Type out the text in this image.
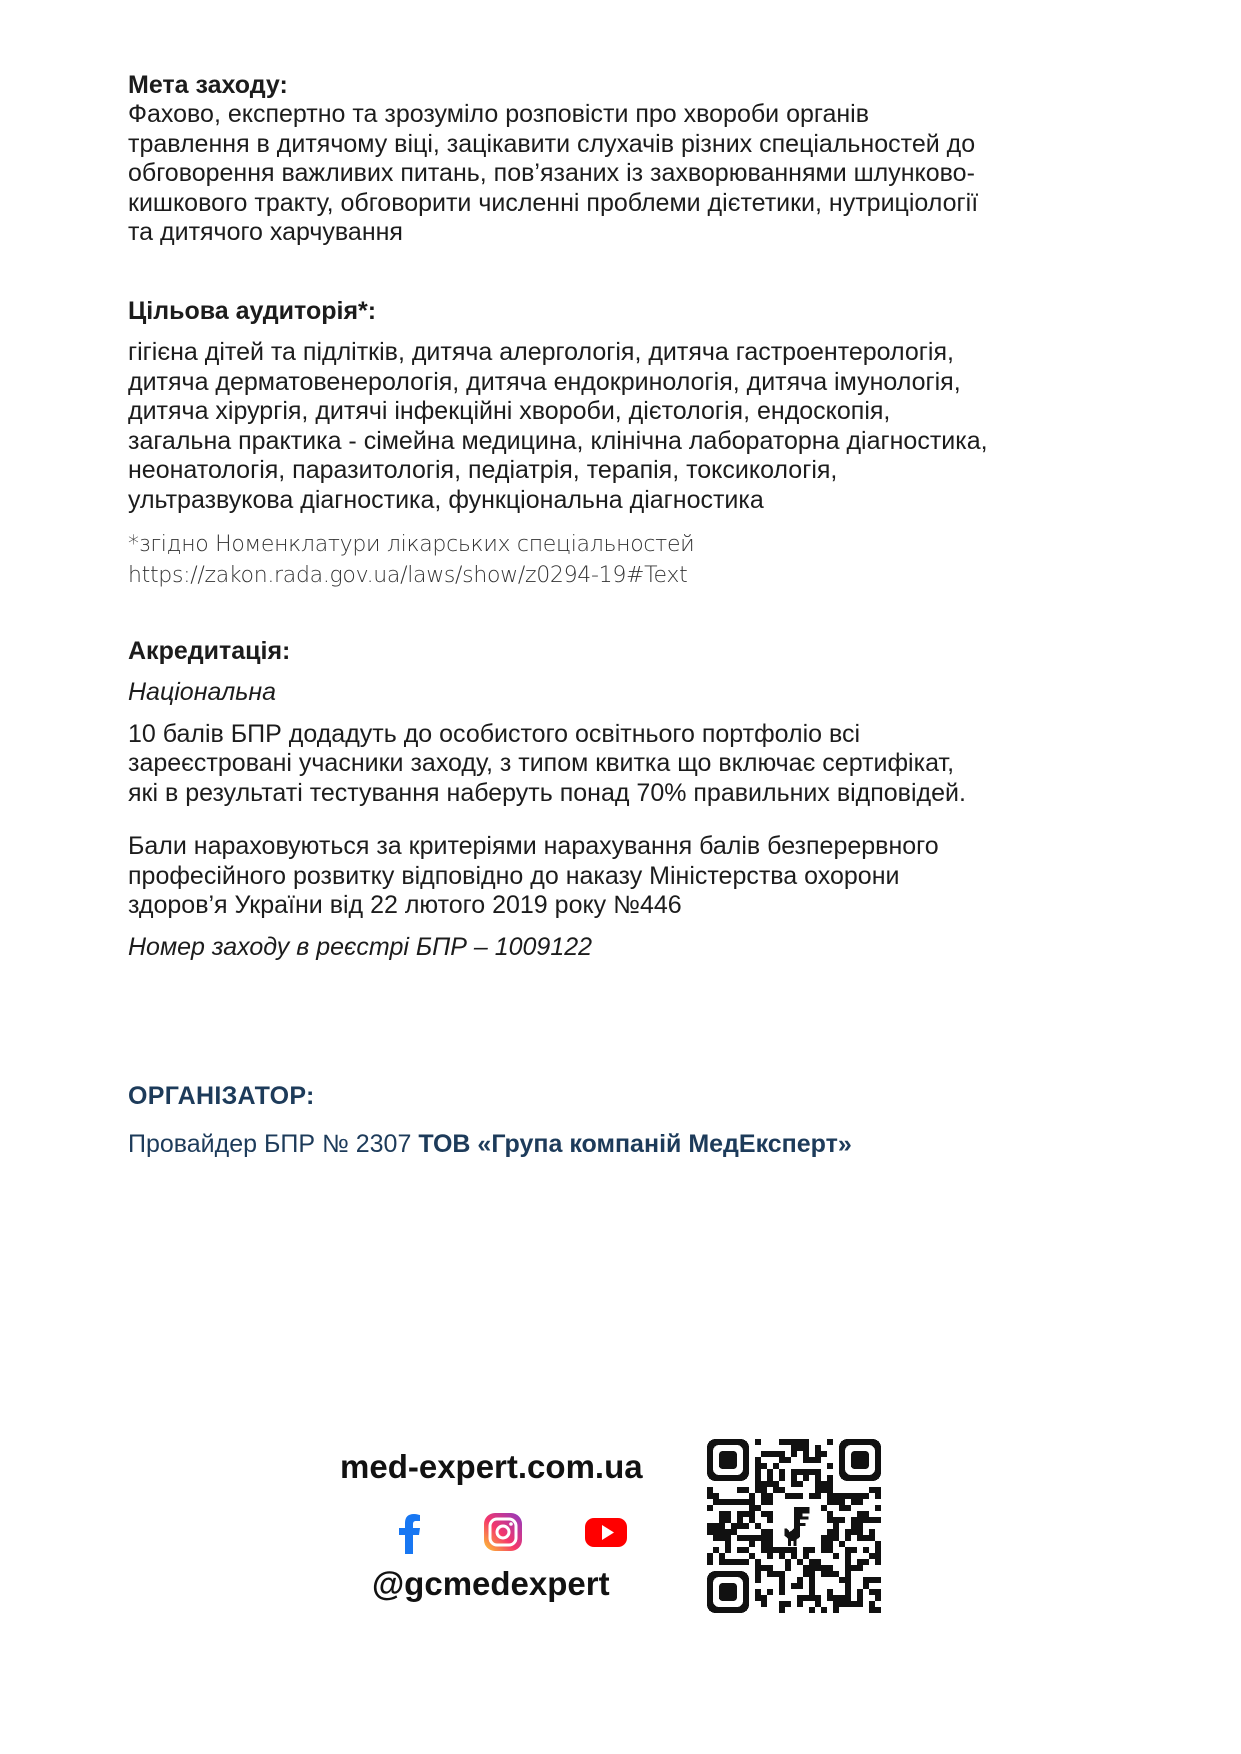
Мета заходу:

Фахово, експертно та зрозуміло розповісти про хвороби органів

травлення в дитячому віці, зацікавити слухачів різних спеціальностей до

обговорення важливих питань, пов’язаних із захворюваннями шлунково-

кишкового тракту, обговорити численні проблеми дієтетики, нутриціології

та дитячого харчування

Цільова аудиторія*:

гігієна дітей та підлітків, дитяча алергологія, дитяча гастроентерологія,

дитяча дерматовенерологія, дитяча ендокринологія, дитяча імунологія,

дитяча хірургія, дитячі інфекційні хвороби, дієтологія, ендоскопія,

загальна практика - сімейна медицина, клінічна лабораторна діагностика,

неонатологія, паразитологія, педіатрія, терапія, токсикологія,

ультразвукова діагностика, функціональна діагностика

*згідно Номенклатури лікарських спеціальностей

https://zakon.rada.gov.ua/laws/show/z0294-19#Text

Акредитація:

Національна

10 балів БПР додадуть до особистого освітнього портфоліо всі

зареєстровані учасники заходу, з типом квитка що включає сертифікат,

які в результаті тестування наберуть понад 70% правильних відповідей.

Бали нараховуються за критеріями нарахування балів безперервного

професійного розвитку відповідно до наказу Міністерства охорони

здоров’я України від 22 лютого 2019 року №446

Номер заходу в реєстрі БПР – 1009122

ОРГАНІЗАТОР:
Провайдер БПР № 2307 ТОВ «Група компаній МедЕксперт»
med-expert.com.ua
@gcmedexpert
